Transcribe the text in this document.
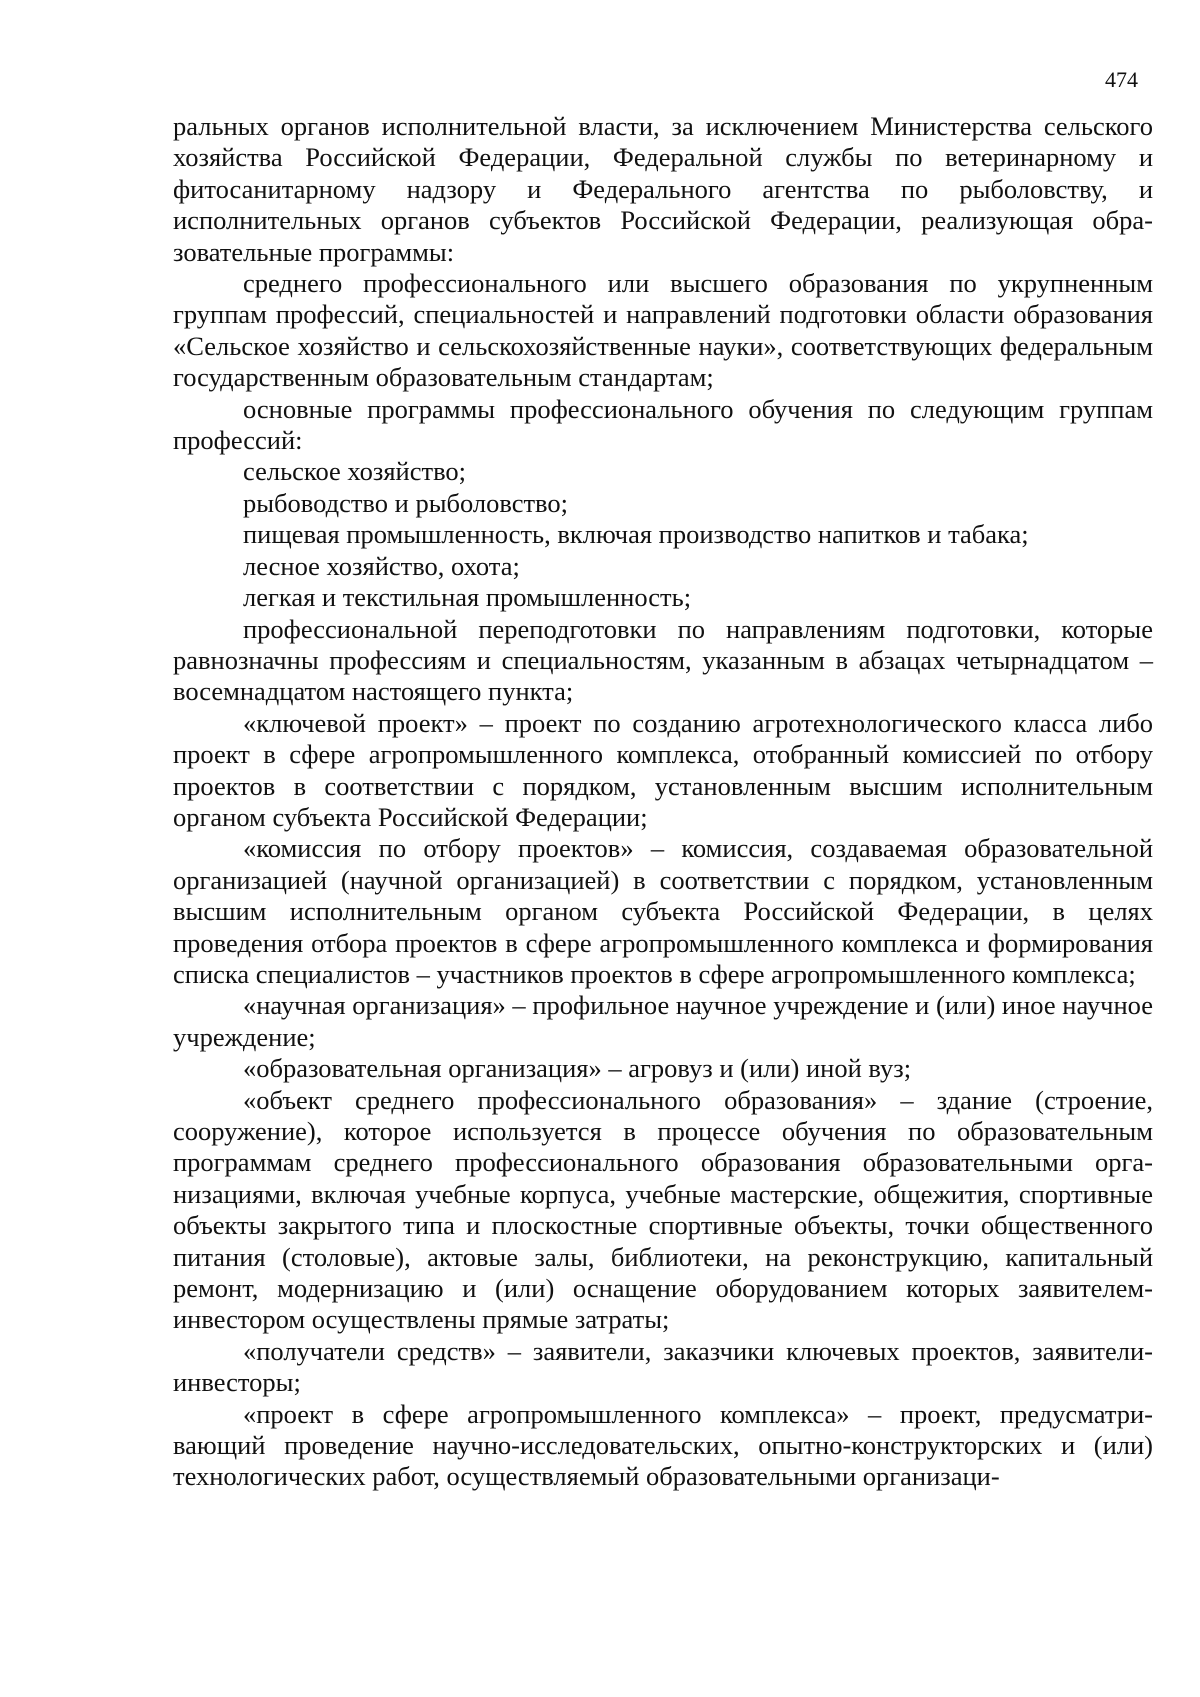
474

ральных органов исполнительной власти, за исключением Министерства сельского хозяйства Российской Федерации, Федеральной службы по ветеринарному и фитосанитарному надзору и Федерального агентства по рыболовству, и исполнительных органов субъектов Российской Федерации, реализующая образовательные программы:

среднего профессионального или высшего образования по укрупненным группам профессий, специальностей и направлений подготовки области образования «Сельское хозяйство и сельскохозяйственные науки», соответствующих федеральным государственным образовательным стандартам;

основные программы профессионального обучения по следующим группам профессий:

сельское хозяйство;

рыбоводство и рыболовство;

пищевая промышленность, включая производство напитков и табака;

лесное хозяйство, охота;

легкая и текстильная промышленность;

профессиональной переподготовки по направлениям подготовки, которые равнозначны профессиям и специальностям, указанным в абзацах четырнадцатом – восемнадцатом настоящего пункта;

«ключевой проект» – проект по созданию агротехнологического класса либо проект в сфере агропромышленного комплекса, отобранный комиссией по отбору проектов в соответствии с порядком, установленным высшим исполнительным органом субъекта Российской Федерации;

«комиссия по отбору проектов» – комиссия, создаваемая образовательной организацией (научной организацией) в соответствии с порядком, установленным высшим исполнительным органом субъекта Российской Федерации, в целях проведения отбора проектов в сфере агропромышленного комплекса и формирования списка специалистов – участников проектов в сфере агропромышленного комплекса;

«научная организация» – профильное научное учреждение и (или) иное научное учреждение;

«образовательная организация» – агровуз и (или) иной вуз;

«объект среднего профессионального образования» – здание (строение, сооружение), которое используется в процессе обучения по образовательным программам среднего профессионального образования образовательными организациями, включая учебные корпуса, учебные мастерские, общежития, спортивные объекты закрытого типа и плоскостные спортивные объекты, точки общественного питания (столовые), актовые залы, библиотеки, на реконструкцию, капитальный ремонт, модернизацию и (или) оснащение оборудованием которых заявителем-инвестором осуществлены прямые затраты;

«получатели средств» – заявители, заказчики ключевых проектов, заявители-инвесторы;

«проект в сфере агропромышленного комплекса» – проект, предусматривающий проведение научно-исследовательских, опытно-конструкторских и (или) технологических работ, осуществляемый образовательными организаци-
